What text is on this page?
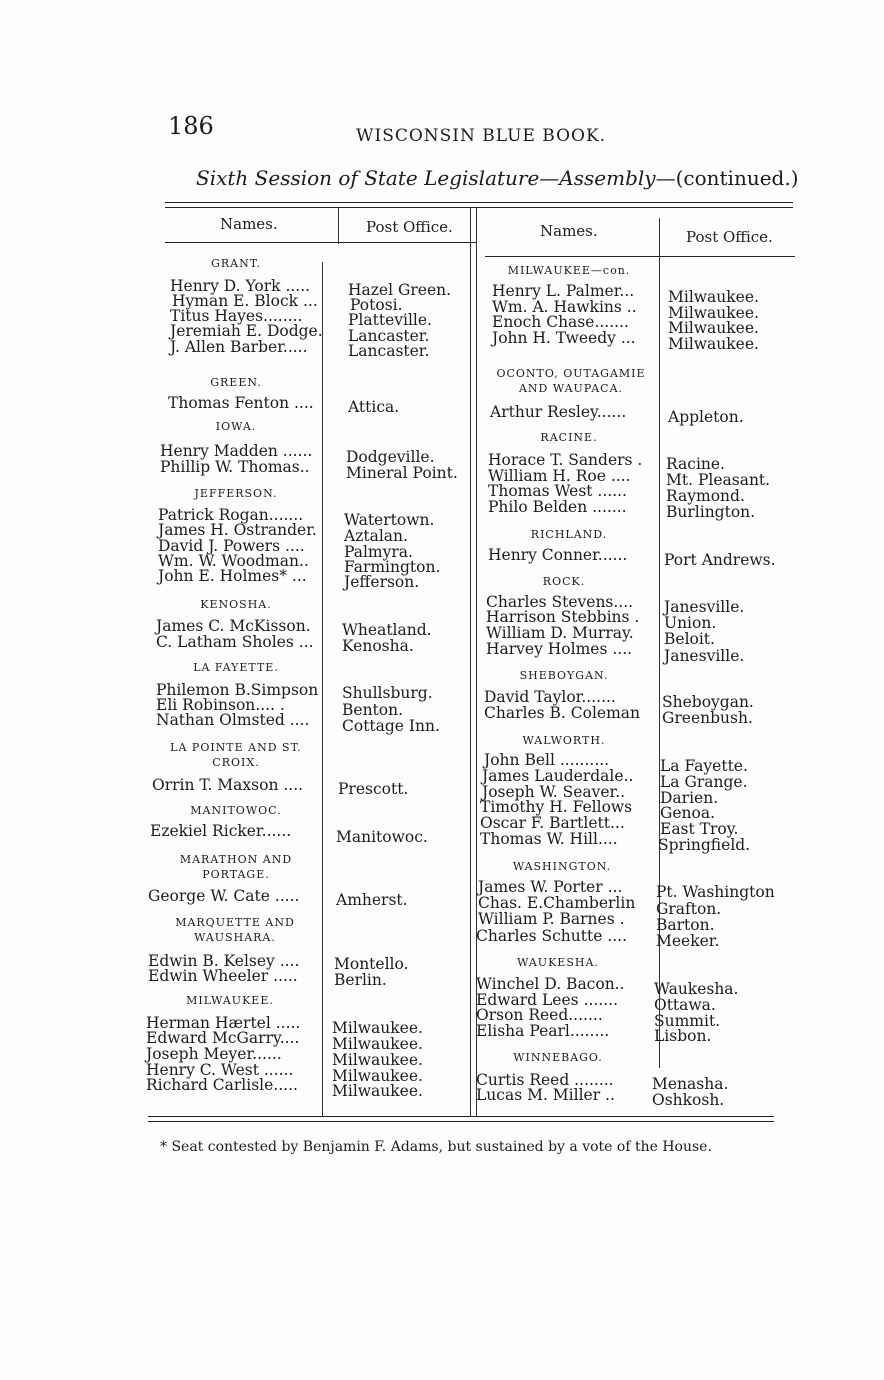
186	WISCONSIN BLUE BOOK.
Sixth Session of State Legislature—Assembly—(continued.)
Names.	Post Office.	Names.	Post Office.
GRANT.
Henry D. York ..... Hazel Green.
Hyman E. Block ... Potosi.
Titus Hayes........	Platteville.
Jeremiah E. Dodge. Lancaster.
J. Allen Barber.....	Lancaster.
GREEN.
Thomas Fenton .... Attica.
IOWA.
Henry Madden ...... Dodgeville.
Phillip W. Thomas.. Mineral Point.
JEFFERSON.
Patrick Rogan.......	Watertown.
James H. Ostrander. Aztalan.
David J. Powers ....	Palmyra.
Wm. W. Woodman.. Farmington.
John E. Holmes* ... Jefferson.
KENOSHA.
James C. McKisson. Wheatland.
C. Latham Sholes ... Kenosha.
LA FAYETTE.
Philemon B.Simpson Shullsburg.
Eli Robinson.... .	Benton.
Nathan Olmsted .... Cottage Inn.
LA POINTE AND ST. CROIX.
Orrin T. Maxson .... Prescott.
MANITOWOC.
Ezekiel Ricker......	Manitowoc.
MARATHON AND PORTAGE.
George W. Cate ..... Amherst.
MARQUETTE AND WAUSHARA.
Edwin B. Kelsey .... Montello.
Edwin Wheeler ..... Berlin.
MILWAUKEE.
Herman Hærtel ..... Milwaukee.
Edward McGarry.... Milwaukee.
Joseph Meyer......	Milwaukee.
Henry C. West ...... Milwaukee.
Richard Carlisle..... Milwaukee.
MILWAUKEE—con.
Henry L. Palmer... Milwaukee.
Wm. A. Hawkins .. Milwaukee.
Enoch Chase.......	Milwaukee.
John H. Tweedy ... Milwaukee.
OCONTO, OUTAGAMIE AND WAUPACA.
Arthur Resley......	Appleton.
RACINE.
Horace T. Sanders . Racine.
William H. Roe .... Mt. Pleasant.
Thomas West ......	Raymond.
Philo Belden .......	Burlington.
RICHLAND.
Henry Conner...... Port Andrews.
ROCK.
Charles Stevens.... Janesville.
Harrison Stebbins . Union.
William D. Murray. Beloit.
Harvey Holmes .... Janesville.
SHEBOYGAN.
David Taylor.......	Sheboygan.
Charles B. Coleman Greenbush.
WALWORTH.
John Bell ..........	La Fayette.
James Lauderdale.. La Grange.
Joseph W. Seaver.. Darien.
Timothy H. Fellows Genoa.
Oscar F. Bartlett... East Troy.
Thomas W. Hill....	Springfield.
WASHINGTON.
James W. Porter ... Pt. Washington
Chas. E.Chamberlin Grafton.
William P. Barnes . Barton.
Charles Schutte .... Meeker.
WAUKESHA.
Winchel D. Bacon.. Waukesha.
Edward Lees ....... Ottawa.
Orson Reed.......	Summit.
Elisha Pearl........	Lisbon.
WINNEBAGO.
Curtis Reed ........ Menasha.
Lucas M. Miller .. Oshkosh.
* Seat contested by Benjamin F. Adams, but sustained by a vote of the House.
